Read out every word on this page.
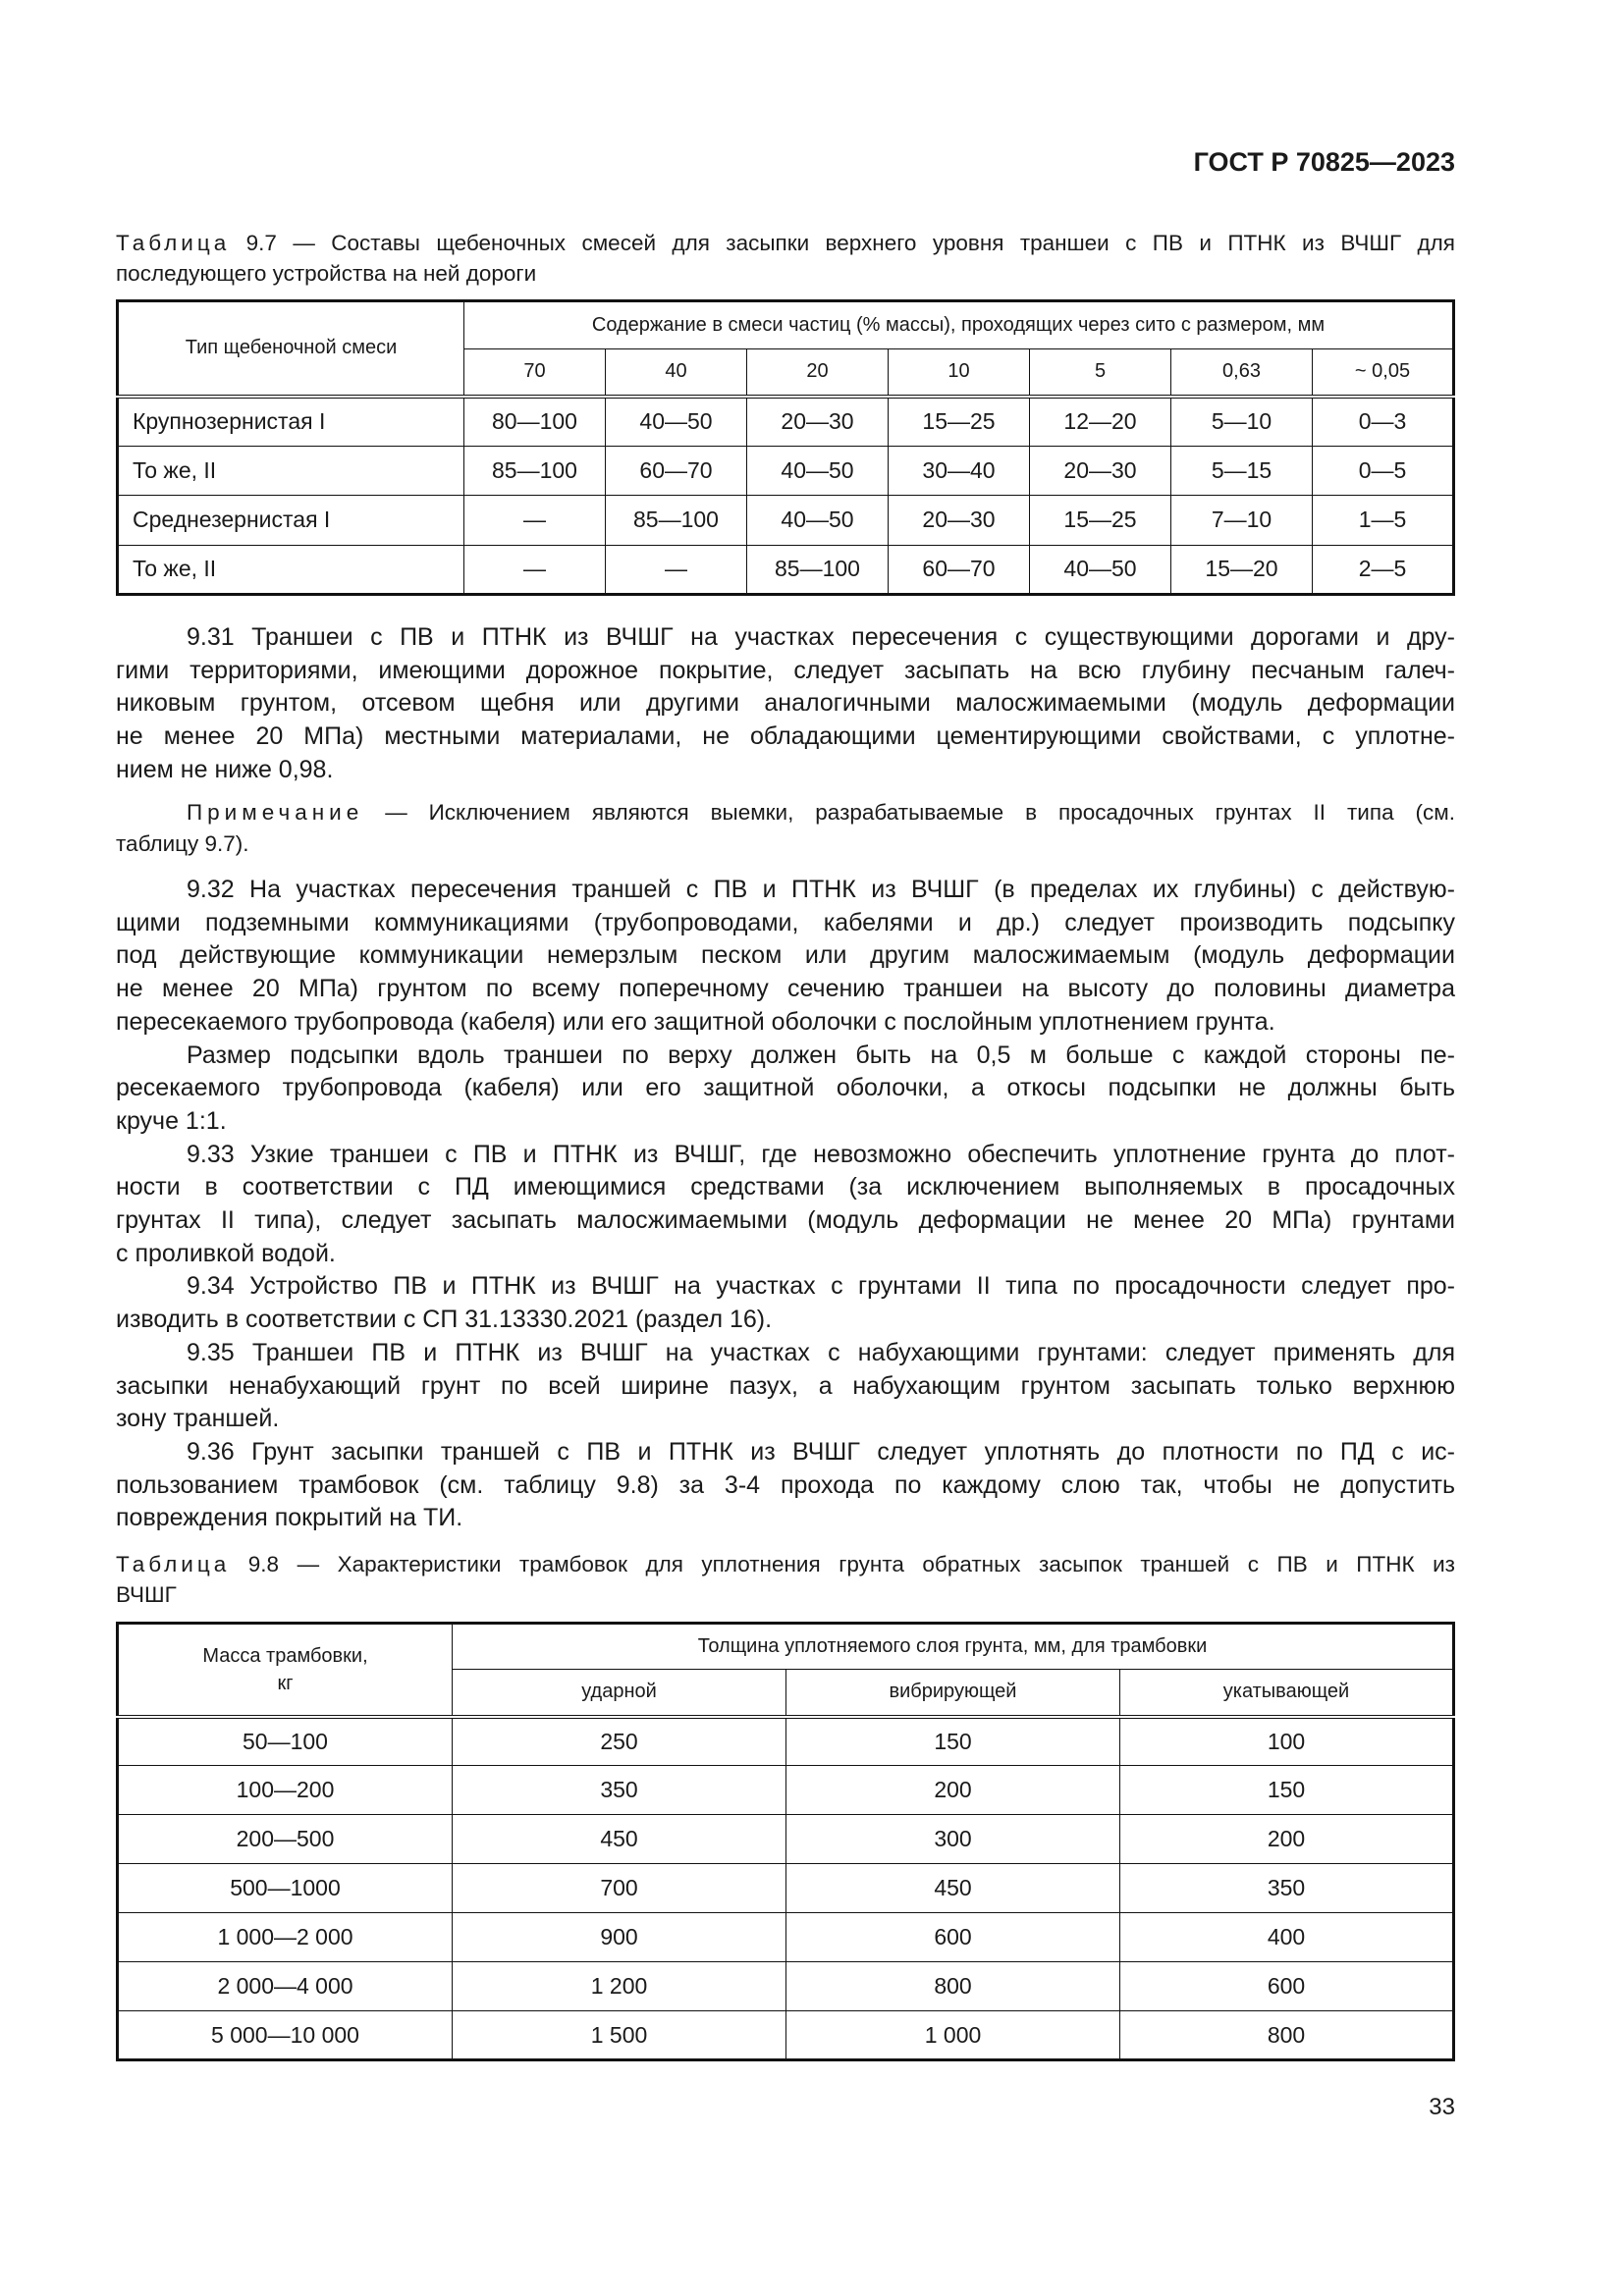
ГОСТ Р 70825—2023
Таблица 9.7 — Составы щебеночных смесей для засыпки верхнего уровня траншеи с ПВ и ПТНК из ВЧШГ для
последующего устройства на ней дороги
Тип щебеночной смеси	Содержание в смеси частиц (% массы), проходящих через сито с размером, мм						
	70	40	20	10	5	0,63	~ 0,05
Крупнозернистая I	80—100	40—50	20—30	15—25	12—20	5—10	0—3
То же, II	85—100	60—70	40—50	30—40	20—30	5—15	0—5
Среднезернистая I	—	85—100	40—50	20—30	15—25	7—10	1—5
То же, II	—	—	85—100	60—70	40—50	15—20	2—5
9.31 Траншеи с ПВ и ПТНК из ВЧШГ на участках пересечения с существующими дорогами и дру-
гими территориями, имеющими дорожное покрытие, следует засыпать на всю глубину песчаным галеч-
никовым грунтом, отсевом щебня или другими аналогичными малосжимаемыми (модуль деформации
не менее 20 МПа) местными материалами, не обладающими цементирующими свойствами, с уплотне-
нием не ниже 0,98.
Примечание — Исключением являются выемки, разрабатываемые в просадочных грунтах II типа (см.
таблицу 9.7).
9.32 На участках пересечения траншей с ПВ и ПТНК из ВЧШГ (в пределах их глубины) с действую-
щими подземными коммуникациями (трубопроводами, кабелями и др.) следует производить подсыпку
под действующие коммуникации немерзлым песком или другим малосжимаемым (модуль деформации
не менее 20 МПа) грунтом по всему поперечному сечению траншеи на высоту до половины диаметра
пересекаемого трубопровода (кабеля) или его защитной оболочки с послойным уплотнением грунта.
Размер подсыпки вдоль траншеи по верху должен быть на 0,5 м больше с каждой стороны пе-
ресекаемого трубопровода (кабеля) или его защитной оболочки, а откосы подсыпки не должны быть
круче 1:1.
9.33 Узкие траншеи с ПВ и ПТНК из ВЧШГ, где невозможно обеспечить уплотнение грунта до плот-
ности в соответствии с ПД имеющимися средствами (за исключением выполняемых в просадочных
грунтах II типа), следует засыпать малосжимаемыми (модуль деформации не менее 20 МПа) грунтами
с проливкой водой.
9.34 Устройство ПВ и ПТНК из ВЧШГ на участках с грунтами II типа по просадочности следует про-
изводить в соответствии с СП 31.13330.2021 (раздел 16).
9.35 Траншеи ПВ и ПТНК из ВЧШГ на участках с набухающими грунтами: следует применять для
засыпки ненабухающий грунт по всей ширине пазух, а набухающим грунтом засыпать только верхнюю
зону траншей.
9.36 Грунт засыпки траншей с ПВ и ПТНК из ВЧШГ следует уплотнять до плотности по ПД с ис-
пользованием трамбовок (см. таблицу 9.8) за 3-4 прохода по каждому слою так, чтобы не допустить
повреждения покрытий на ТИ.
Таблица 9.8 — Характеристики трамбовок для уплотнения грунта обратных засыпок траншей с ПВ и ПТНК из
ВЧШГ
Масса трамбовки, кг	Толщина уплотняемого слоя грунта, мм, для трамбовки		
	ударной	вибрирующей	укатывающей
50—100	250	150	100
100—200	350	200	150
200—500	450	300	200
500—1000	700	450	350
1 000—2 000	900	600	400
2 000—4 000	1 200	800	600
5 000—10 000	1 500	1 000	800
33
